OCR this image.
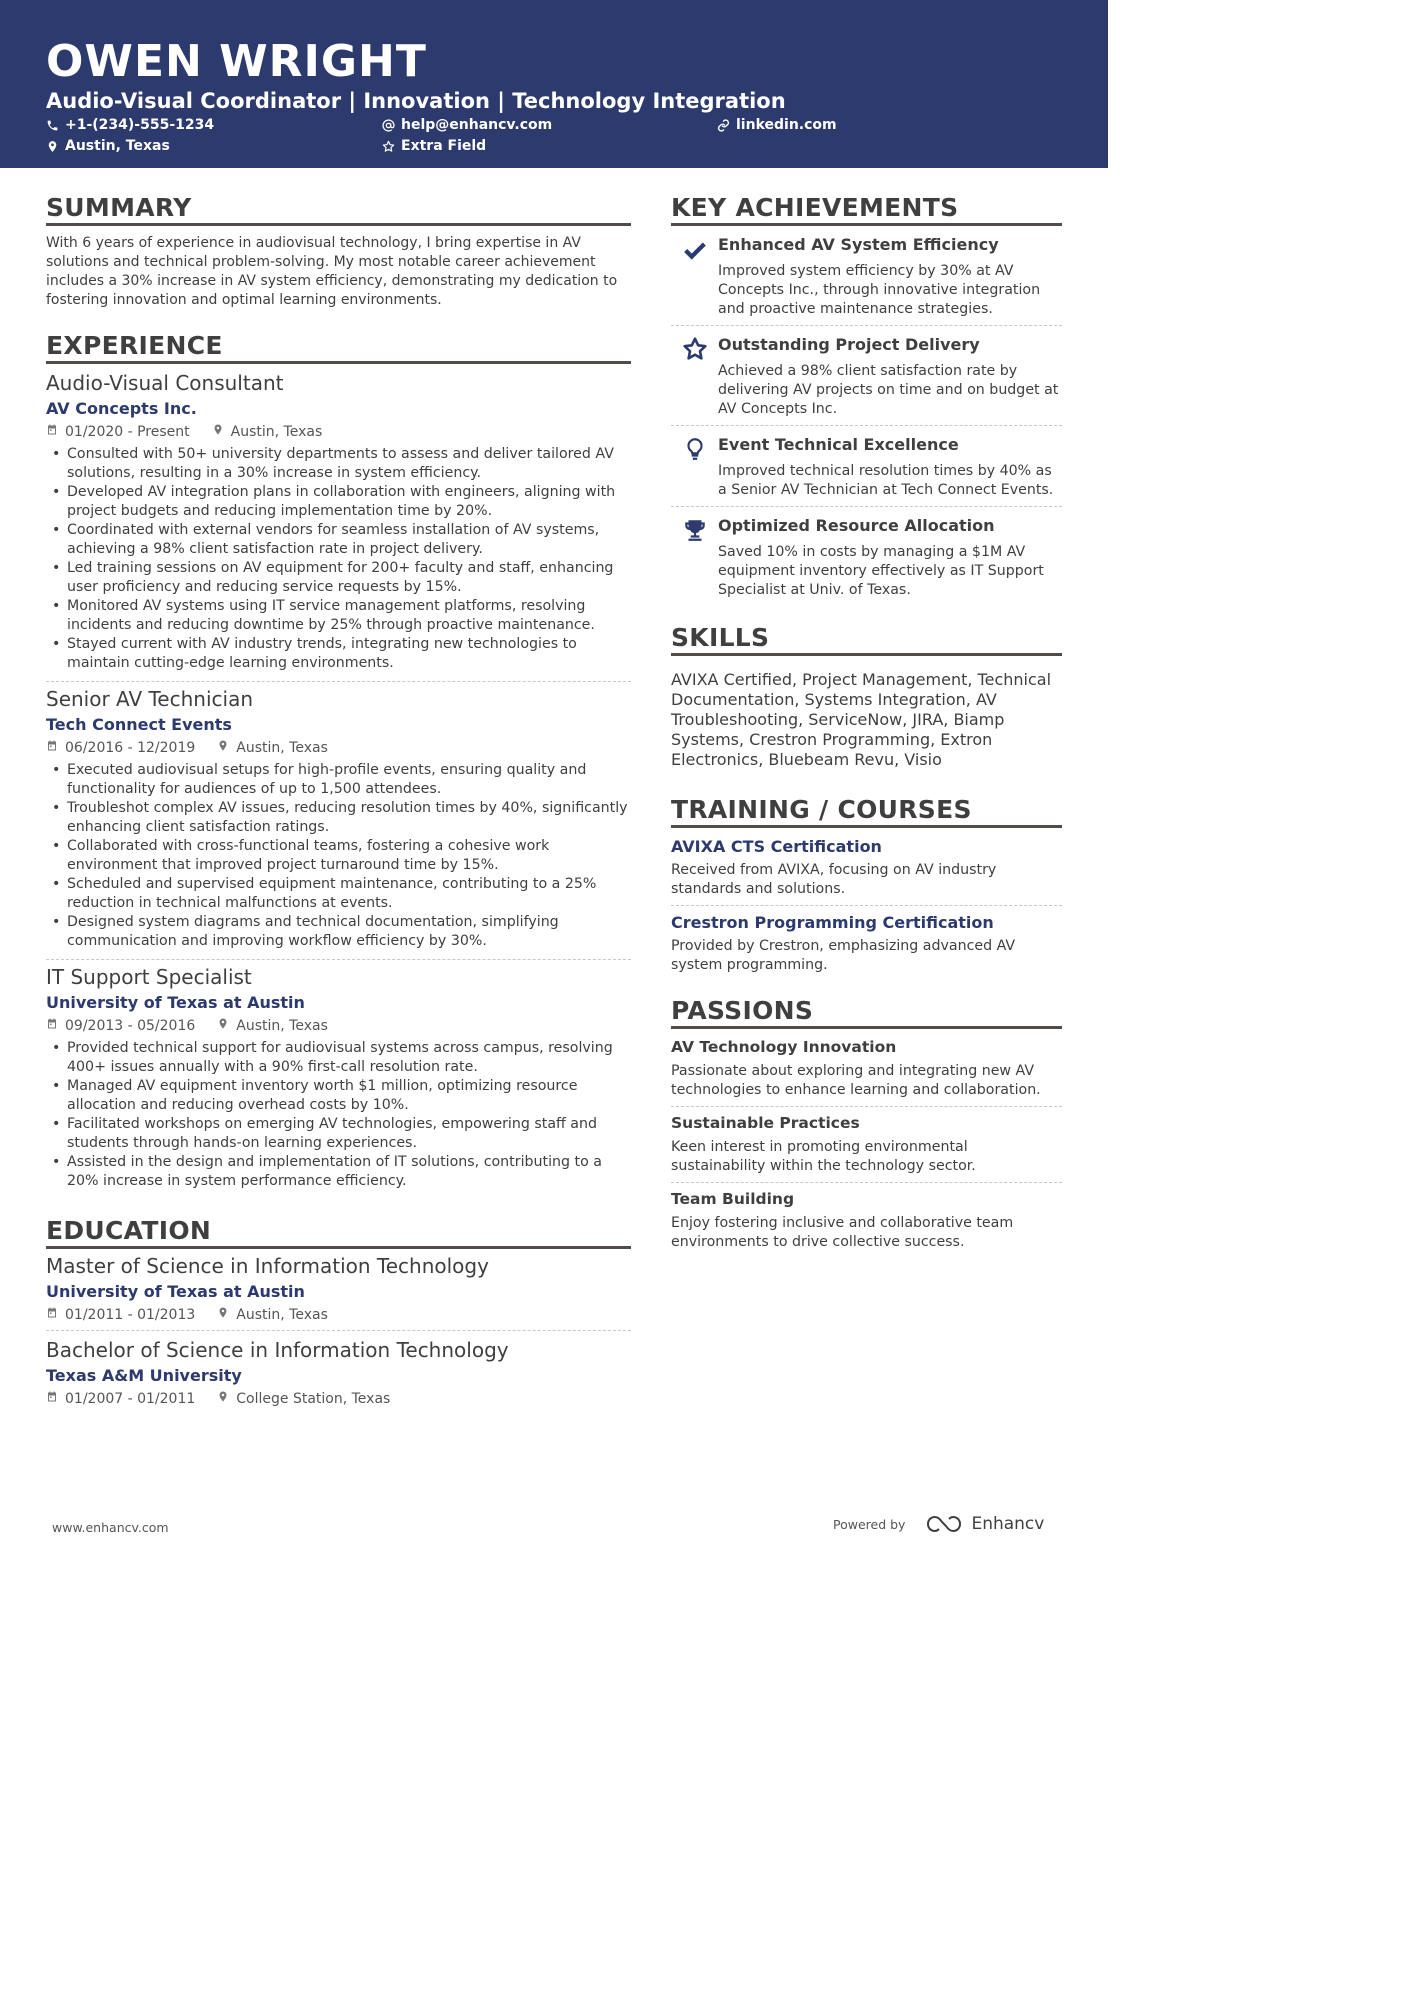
OWEN WRIGHT
Audio-Visual Coordinator | Innovation | Technology Integration
+1-(234)-555-1234	help@enhancv.com	linkedin.com
Austin, Texas	Extra Field
SUMMARY
With 6 years of experience in audiovisual technology, I bring expertise in AV solutions and technical problem-solving. My most notable career achievement includes a 30% increase in AV system efficiency, demonstrating my dedication to fostering innovation and optimal learning environments.
EXPERIENCE
Audio-Visual Consultant
AV Concepts Inc.
01/2020 - Present	Austin, Texas
• Consulted with 50+ university departments to assess and deliver tailored AV solutions, resulting in a 30% increase in system efficiency.
• Developed AV integration plans in collaboration with engineers, aligning with project budgets and reducing implementation time by 20%.
• Coordinated with external vendors for seamless installation of AV systems, achieving a 98% client satisfaction rate in project delivery.
• Led training sessions on AV equipment for 200+ faculty and staff, enhancing user proficiency and reducing service requests by 15%.
• Monitored AV systems using IT service management platforms, resolving incidents and reducing downtime by 25% through proactive maintenance.
• Stayed current with AV industry trends, integrating new technologies to maintain cutting-edge learning environments.
Senior AV Technician
Tech Connect Events
06/2016 - 12/2019	Austin, Texas
• Executed audiovisual setups for high-profile events, ensuring quality and functionality for audiences of up to 1,500 attendees.
• Troubleshot complex AV issues, reducing resolution times by 40%, significantly enhancing client satisfaction ratings.
• Collaborated with cross-functional teams, fostering a cohesive work environment that improved project turnaround time by 15%.
• Scheduled and supervised equipment maintenance, contributing to a 25% reduction in technical malfunctions at events.
• Designed system diagrams and technical documentation, simplifying communication and improving workflow efficiency by 30%.
IT Support Specialist
University of Texas at Austin
09/2013 - 05/2016	Austin, Texas
• Provided technical support for audiovisual systems across campus, resolving 400+ issues annually with a 90% first-call resolution rate.
• Managed AV equipment inventory worth $1 million, optimizing resource allocation and reducing overhead costs by 10%.
• Facilitated workshops on emerging AV technologies, empowering staff and students through hands-on learning experiences.
• Assisted in the design and implementation of IT solutions, contributing to a 20% increase in system performance efficiency.
EDUCATION
Master of Science in Information Technology
University of Texas at Austin
01/2011 - 01/2013	Austin, Texas
Bachelor of Science in Information Technology
Texas A&M University
01/2007 - 01/2011	College Station, Texas
KEY ACHIEVEMENTS
Enhanced AV System Efficiency
Improved system efficiency by 30% at AV Concepts Inc., through innovative integration and proactive maintenance strategies.
Outstanding Project Delivery
Achieved a 98% client satisfaction rate by delivering AV projects on time and on budget at AV Concepts Inc.
Event Technical Excellence
Improved technical resolution times by 40% as a Senior AV Technician at Tech Connect Events.
Optimized Resource Allocation
Saved 10% in costs by managing a $1M AV equipment inventory effectively as IT Support Specialist at Univ. of Texas.
SKILLS
AVIXA Certified, Project Management, Technical Documentation, Systems Integration, AV Troubleshooting, ServiceNow, JIRA, Biamp Systems, Crestron Programming, Extron Electronics, Bluebeam Revu, Visio
TRAINING / COURSES
AVIXA CTS Certification
Received from AVIXA, focusing on AV industry standards and solutions.
Crestron Programming Certification
Provided by Crestron, emphasizing advanced AV system programming.
PASSIONS
AV Technology Innovation
Passionate about exploring and integrating new AV technologies to enhance learning and collaboration.
Sustainable Practices
Keen interest in promoting environmental sustainability within the technology sector.
Team Building
Enjoy fostering inclusive and collaborative team environments to drive collective success.
www.enhancv.com	Powered by	Enhancv
